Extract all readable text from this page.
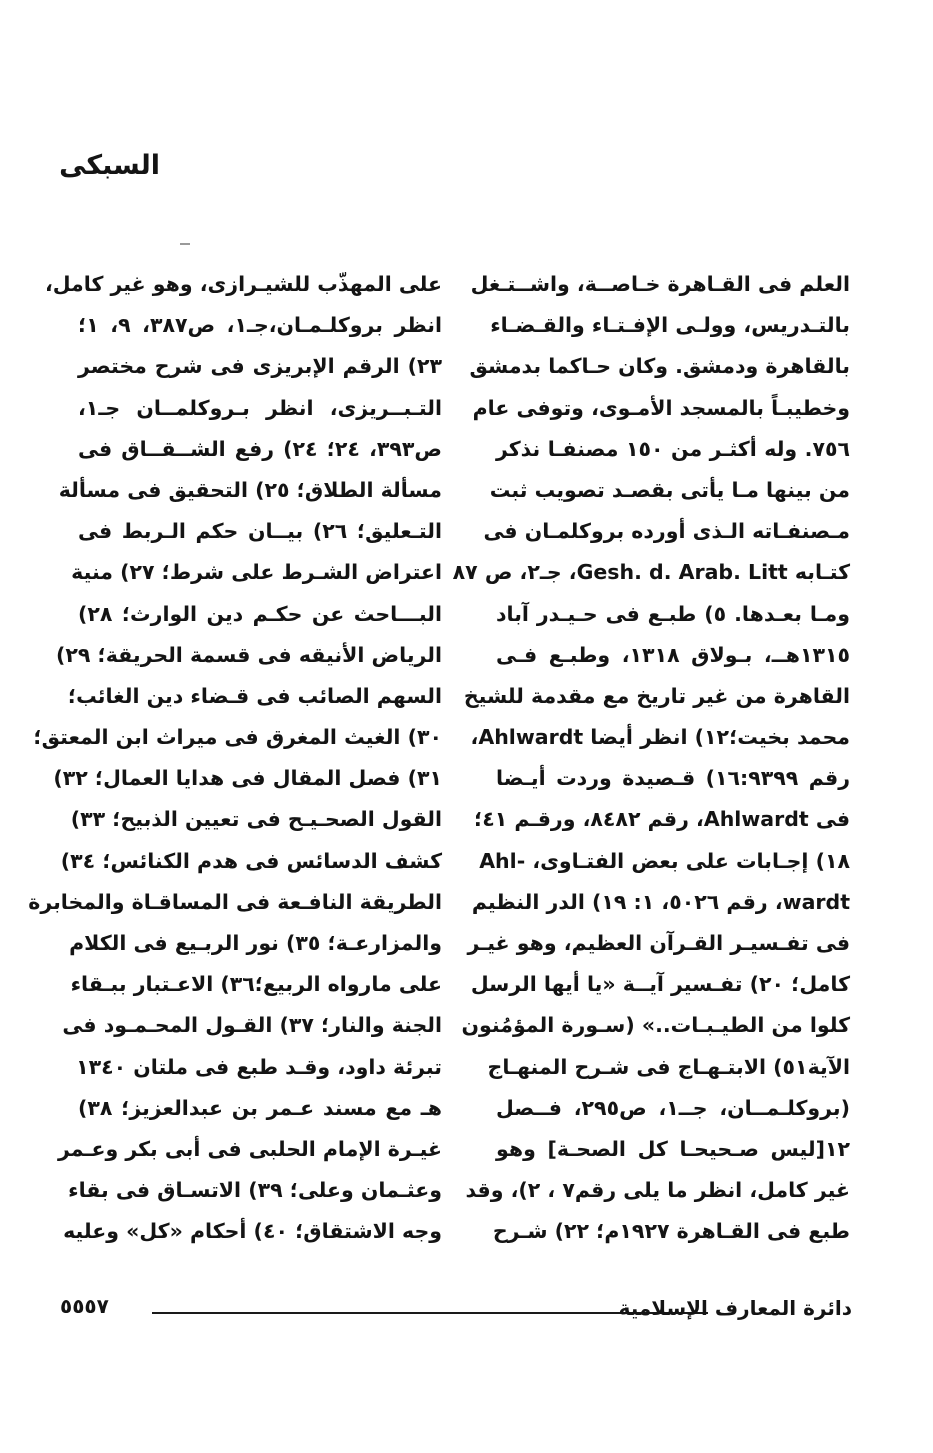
السبكى
العلم فى القـاهرة خـاصــة، واشــتـغل
بالتـدريس، وولـى الإفـتـاء والقـضـاء
بالقاهرة ودمشق. وكان حـاكما بدمشق
وخطيبـاً بالمسجد الأمـوى، وتوفى عام
٧٥٦. وله أكثـر من ١٥٠ مصنفـا نذكر
من بينها مـا يأتى بقصـد تصويب ثبت
مـصنفـاته الـذى أورده بروكلمـان فى
كتـابه Gesh. d. Arab. Litt، جـ٢، ص ٨٧
ومـا بعـدها. ٥) طبـع فى حـيـدر آباد
١٣١٥هــ، بـولاق ١٣١٨، وطبـع فـى
القاهرة من غير تاريخ مع مقدمة للشيخ
محمد بخيت؛١٢) انظر أيضا Ahlwardt،
رقم ١٦:٩٣٩٩) قـصيدة وردت أيـضا
فى Ahlwardt، رقم ٨٤٨٢، ورقـم ٤١؛
١٨) إجـابات على بعض الفتـاوى، -Ahl
wardt، رقم ٥٠٢٦، ١: ١٩) الدر النظيم
فى تفـسيـر القـرآن العظيم، وهو غيـر
كامل؛ ٢٠) تفـسير آيــة «يا أيها الرسل
كلوا من الطيـبـات..» (سـورة المؤمُنون
الآية٥١) الابتـهـاج فى شـرح المنهـاج
(بروكلـمــان، جــ١، ص٢٩٥، فــصل
١٢[ليس صـحيحـا كل الصحـة] وهو
غير كامل، انظر ما يلى رقم٧ ، ٢)، وقد
طبع فى القـاهرة ١٩٢٧م؛ ٢٢) شـرح
على المهذّب للشيـرازى، وهو غير كامل،
انظر بروكلـمـان،جـ١، ص٣٨٧، ٩، ١؛
٢٣) الرقم الإبريزى فى شرح مختصر
التـبــريزى، انظر بـروكلمــان جـ١،
ص٣٩٣، ٢٤؛ ٢٤) رفع الشــقــاق فى
مسألة الطلاق؛ ٢٥) التحقيق فى مسألة
التـعليق؛ ٢٦) بيــان حكم الـربط فى
اعتراض الشـرط على شرط؛ ٢٧) منية
البـــاحث عن حكـم دين الوارث؛ ٢٨)
الرياض الأنيقه فى قسمة الحريقة؛ ٢٩)
السهم الصائب فى قـضاء دين الغائب؛
٣٠) الغيث المغرق فى ميراث ابن المعتق؛
٣١) فصل المقال فى هدايا العمال؛ ٣٢)
القول الصحـيـح فى تعيين الذبيح؛ ٣٣)
كشف الدسائس فى هدم الكنائس؛ ٣٤)
الطريقة النافـعة فى المساقـاة والمخابرة
والمزارعـة؛ ٣٥) نور الربـيع فى الكلام
على مارواه الربيع؛٣٦) الاعـتبار ببـقاء
الجنة والنار؛ ٣٧) القـول المحـمـود فى
تبرئة داود، وقـد طبع فى ملتان ١٣٤٠
هـ مع مسند عـمر بن عبدالعزيز؛ ٣٨)
غيـرة الإمام الحلبى فى أبى بكر وعـمر
وعثـمان وعلى؛ ٣٩) الاتسـاق فى بقاء
وجه الاشتقاق؛ ٤٠) أحكام «كل» وعليه
٥٥٥٧	دائرة المعارف الإسلامية
